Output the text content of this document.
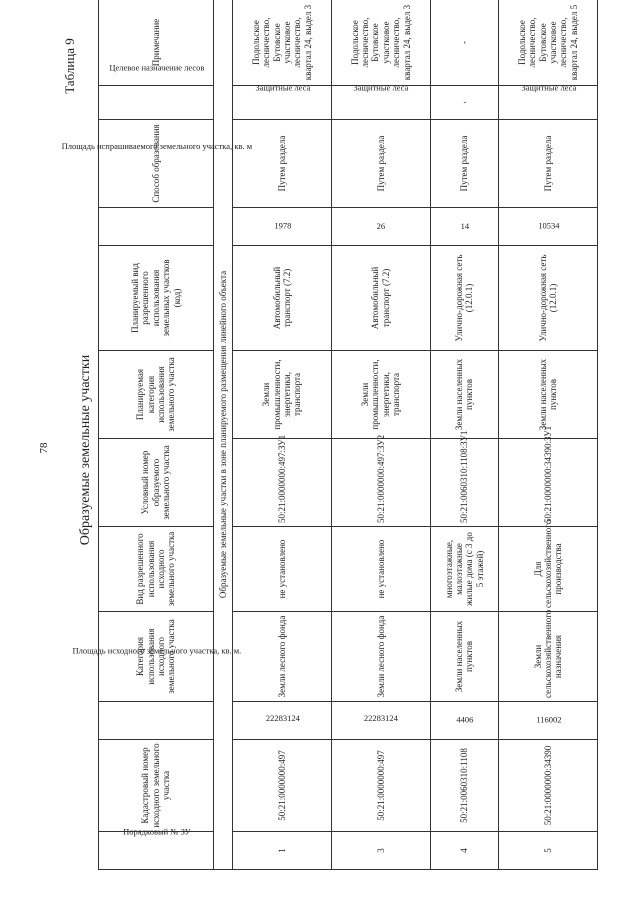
78 Образуемые земельные участки
Таблица 9
Порядковый № ЗУ	Кадастровый номер исходного земельного участка	Площадь исходного земельного участка, кв. м.	Категория использования исходного земельного участка	Вид разрешенного использования исходного земельного участка	Условный номер образуемого земельного участка	Планируемая категория использования земельного участка	Планируемый вид разрешенного использования земельных участков (код)	Площадь испрашиваемого земельного участка, кв. м	Способ образования	Целевое назначение лесов	Примечание
Образуемые земельные участки в зоне планируемого размещения линейного объекта											
1	50:21:0000000:497	22283124	Земли лесного фонда	не установлено	50:21:0000000:497:ЗУ1	Земли промышленности, энергетики, транспорта	Автомобильный транспорт (7.2)	1978	Путем раздела	Защитные леса	Подольское лесничество, Бутовское участковое лесничество, квартал 24, выдел 3
3	50:21:0000000:497	22283124	Земли лесного фонда	не установлено	50:21:0000000:497:ЗУ2	Земли промышленности, энергетики, транспорта	Автомобильный транспорт (7.2)	26	Путем раздела	Защитные леса	Подольское лесничество, Бутовское участковое лесничество, квартал 24, выдел 3
4	50:21:0060310:1108	4406	Земли населенных пунктов	многоэтажные, малоэтажные жилые дома (с 3 до 5 этажей)	50:21:0060310:1108:ЗУ1	Земли населенных пунктов	Улично-дорожная сеть (12.0.1)	14	Путем раздела	-	-
5	50:21:0000000:34390	116002	Земли сельскохозяйственного назначения	Для сельскохозяйственного производства	50:21:0000000:34390:ЗУ1	Земли населенных пунктов	Улично-дорожная сеть (12.0.1)	10534	Путем раздела	Защитные леса	Подольское лесничество, Бутовское участковое лесничество, квартал 24, выдел 5
